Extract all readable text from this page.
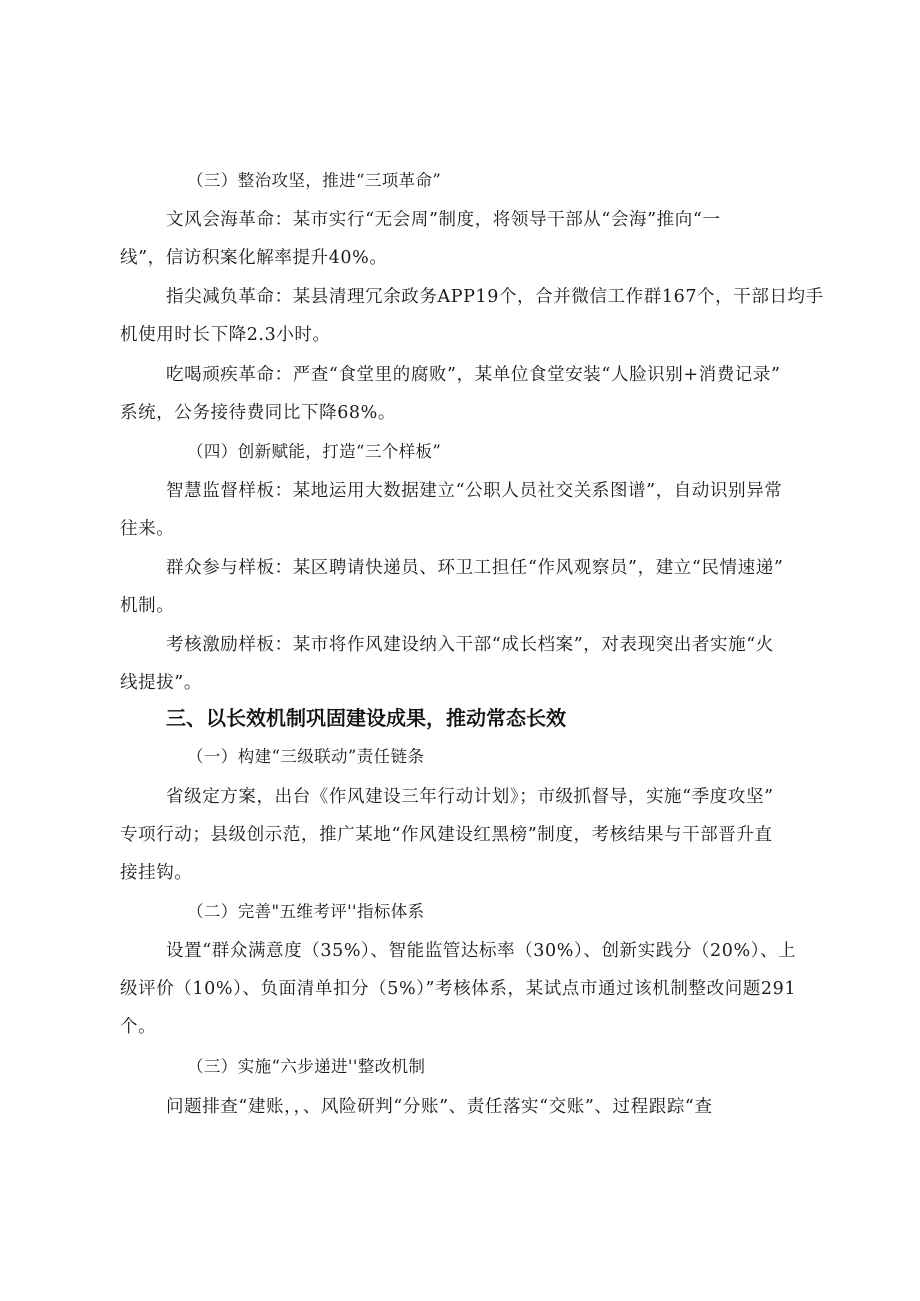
（三）整治攻坚，推进“三项革命”
文风会海革命：某市实行“无会周”制度，将领导干部从“会海”推向“一
线”，信访积案化解率提升40%。
指尖减负革命：某县清理冗余政务APP19个，合并微信工作群167个，干部日均手
机使用时长下降2.3小时。
吃喝顽疾革命：严查“食堂里的腐败”，某单位食堂安装“人脸识别+消费记录”
系统，公务接待费同比下降68%。
（四）创新赋能，打造“三个样板”
智慧监督样板：某地运用大数据建立“公职人员社交关系图谱”，自动识别异常
往来。
群众参与样板：某区聘请快递员、环卫工担任“作风观察员”，建立“民情速递”
机制。
考核激励样板：某市将作风建设纳入干部“成长档案”，对表现突出者实施“火
线提拔”。
三、以长效机制巩固建设成果，推动常态长效
（一）构建“三级联动”责任链条
省级定方案，出台《作风建设三年行动计划》；市级抓督导，实施“季度攻坚”
专项行动；县级创示范，推广某地“作风建设红黑榜”制度，考核结果与干部晋升直
接挂钩。
（二）完善"五维考评''指标体系
设置“群众满意度（35%）、智能监管达标率（30%）、创新实践分（20%）、上
级评价（10%）、负面清单扣分（5%）”考核体系，某试点市通过该机制整改问题291
个。
（三）实施“六步递进''整改机制
问题排查“建账，，、风险研判“分账”、责任落实“交账”、过程跟踪“查
